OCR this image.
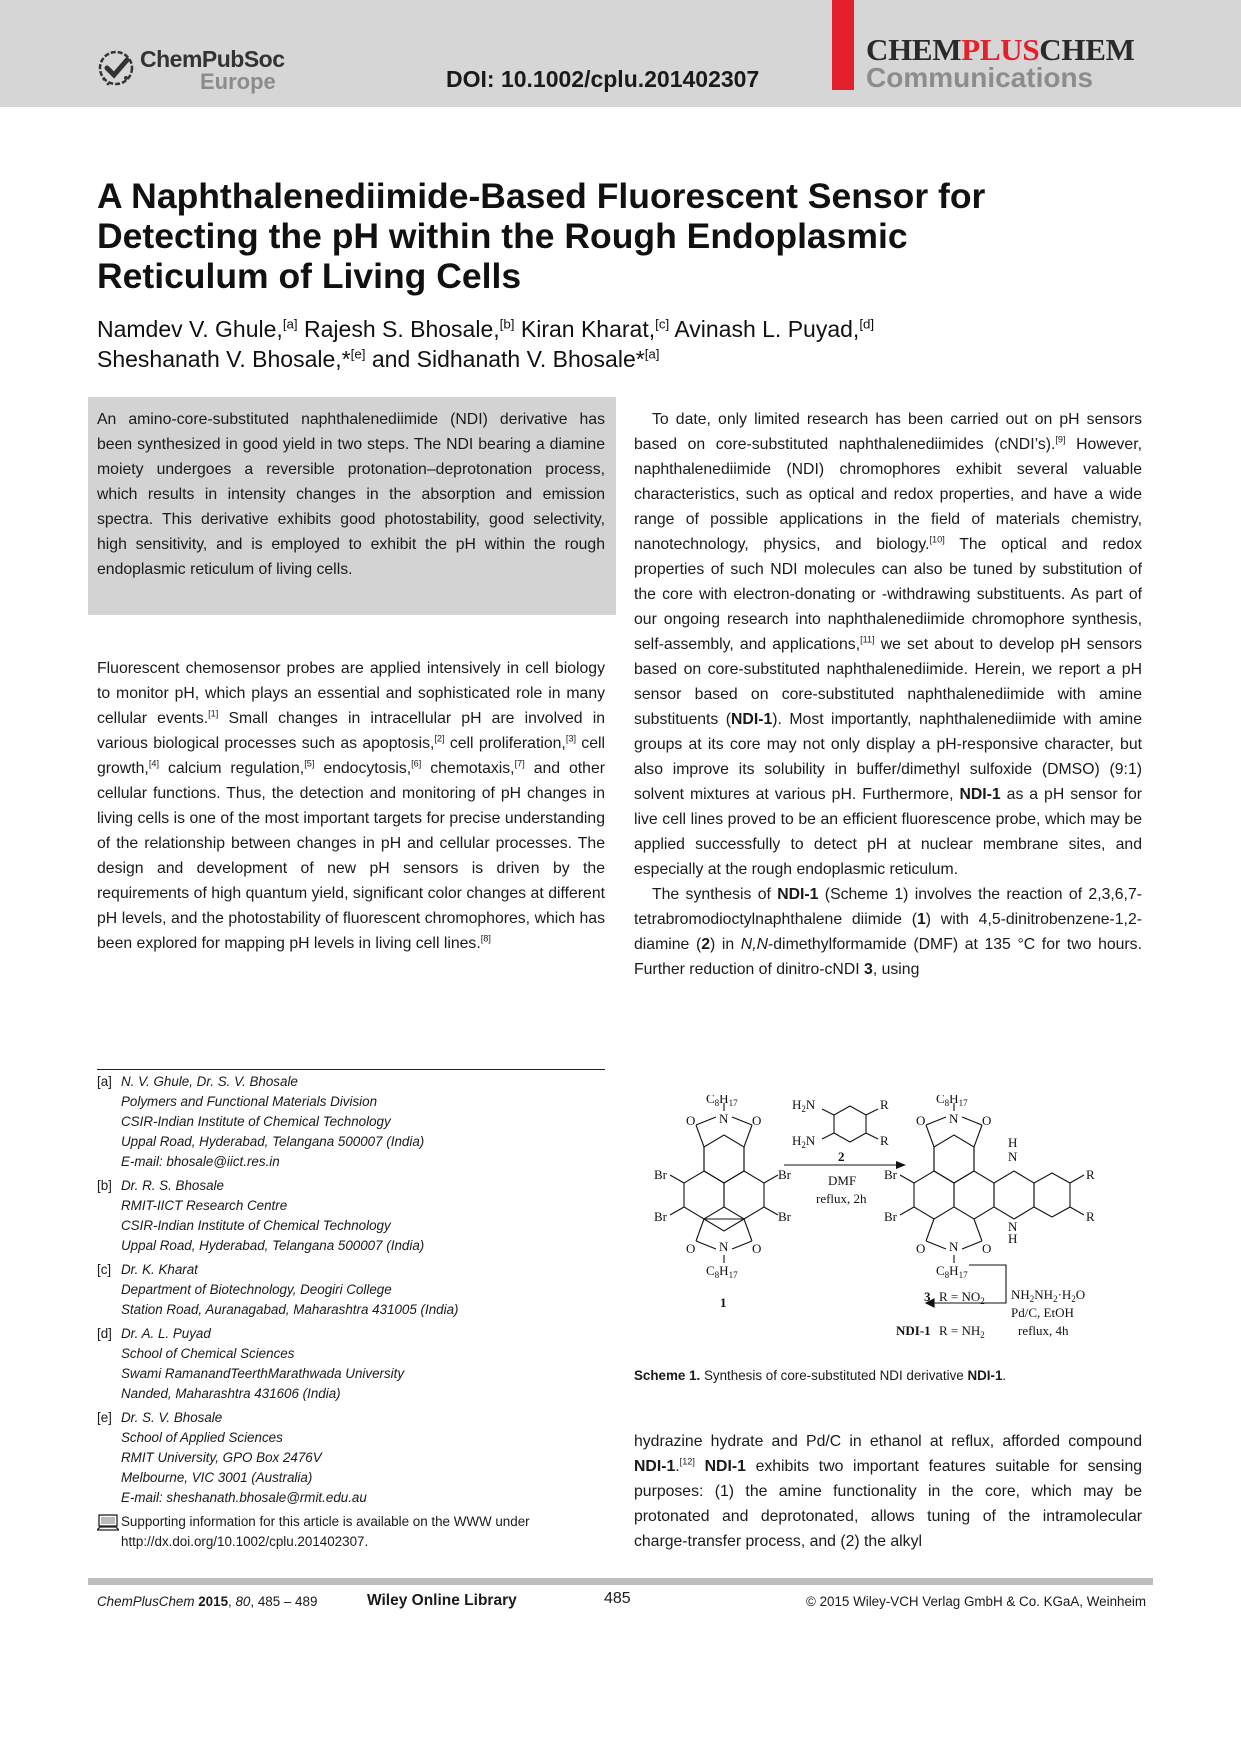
ChemPubSoc
Europe	DOI: 10.1002/cplu.201402307
CHEMPLUSCHEM
Communications
A Naphthalenediimide-Based Fluorescent Sensor for
Detecting the pH within the Rough Endoplasmic
Reticulum of Living Cells
Namdev V. Ghule,[a] Rajesh S. Bhosale,[b] Kiran Kharat,[c] Avinash L. Puyad,[d]
Sheshanath V. Bhosale,*[e] and Sidhanath V. Bhosale*[a]

An amino-core-substituted naphthalenediimide (NDI) derivative has been synthesized in good yield in two steps. The NDI bearing a diamine moiety undergoes a reversible protonation–deprotonation process, which results in intensity changes in the absorption and emission spectra. This derivative exhibits good photostability, good selectivity, high sensitivity, and is employed to exhibit the pH within the rough endoplasmic reticulum of living cells.

Fluorescent chemosensor probes are applied intensively in cell biology to monitor pH, which plays an essential and sophisticated role in many cellular events.[1] Small changes in intracellular pH are involved in various biological processes such as apoptosis,[2] cell proliferation,[3] cell growth,[4] calcium regulation,[5] endocytosis,[6] chemotaxis,[7] and other cellular functions. Thus, the detection and monitoring of pH changes in living cells is one of the most important targets for precise understanding of the relationship between changes in pH and cellular processes. The design and development of new pH sensors is driven by the requirements of high quantum yield, significant color changes at different pH levels, and the photostability of fluorescent chromophores, which has been explored for mapping pH levels in living cell lines.[8]

To date, only limited research has been carried out on pH sensors based on core-substituted naphthalenediimides (cNDI’s).[9] However, naphthalenediimide (NDI) chromophores exhibit several valuable characteristics, such as optical and redox properties, and have a wide range of possible applications in the field of materials chemistry, nanotechnology, physics, and biology.[10] The optical and redox properties of such NDI molecules can also be tuned by substitution of the core with electron-donating or -withdrawing substituents. As part of our ongoing research into naphthalenediimide chromophore synthesis, self-assembly, and applications,[11] we set about to develop pH sensors based on core-substituted naphthalenediimide. Herein, we report a pH sensor based on core-substituted naphthalenediimide with amine substituents (NDI-1). Most importantly, naphthalenediimide with amine groups at its core may not only display a pH-responsive character, but also improve its solubility in buffer/dimethyl sulfoxide (DMSO) (9:1) solvent mixtures at various pH. Furthermore, NDI-1 as a pH sensor for live cell lines proved to be an efficient fluorescence probe, which may be applied successfully to detect pH at nuclear membrane sites, and especially at the rough endoplasmic reticulum.

The synthesis of NDI-1 (Scheme 1) involves the reaction of 2,3,6,7-tetrabromodioctylnaphthalene diimide (1) with 4,5-dinitrobenzene-1,2-diamine (2) in N,N-dimethylformamide (DMF) at 135 °C for two hours. Further reduction of dinitro-cNDI 3, using

$C_8H_{17}$
N
O	O
Br
Br
Br
Br
O	O
N
$C_8H_{17}$
1
$H_2N$
$H_2N$
R
R
2
DMF
reflux, 2h
$C_8H_{17}$
N
O	O
Br
Br
H
N
N
H
R
R
O	O
N
$C_8H_{17}$
3 $R = NO_2$
NDI-1 $R = NH_2$
$NH_2NH_2\cdot H_2O$
Pd/C, EtOH
reflux, 4h
Scheme 1. Synthesis of core-substituted NDI derivative NDI-1.

hydrazine hydrate and Pd/C in ethanol at reflux, afforded compound NDI-1.[12] NDI-1 exhibits two important features suitable for sensing purposes: (1) the amine functionality in the core, which may be protonated and deprotonated, allows tuning of the intramolecular charge-transfer process, and (2) the alkyl

[a] N. V. Ghule, Dr. S. V. Bhosale
Polymers and Functional Materials Division
CSIR-Indian Institute of Chemical Technology
Uppal Road, Hyderabad, Telangana 500007 (India)
E-mail: bhosale@iict.res.in
[b] Dr. R. S. Bhosale
RMIT-IICT Research Centre
CSIR-Indian Institute of Chemical Technology
Uppal Road, Hyderabad, Telangana 500007 (India)
[c] Dr. K. Kharat
Department of Biotechnology, Deogiri College
Station Road, Auranagabad, Maharashtra 431005 (India)
[d] Dr. A. L. Puyad
School of Chemical Sciences
Swami RamanandTeerthMarathwada University
Nanded, Maharashtra 431606 (India)
[e] Dr. S. V. Bhosale
School of Applied Sciences
RMIT University, GPO Box 2476V
Melbourne, VIC 3001 (Australia)
E-mail: sheshanath.bhosale@rmit.edu.au
Supporting information for this article is available on the WWW under
http://dx.doi.org/10.1002/cplu.201402307.
ChemPlusChem 2015, 80, 485 – 489	Wiley Online Library	485	© 2015 Wiley-VCH Verlag GmbH & Co. KGaA, Weinheim
